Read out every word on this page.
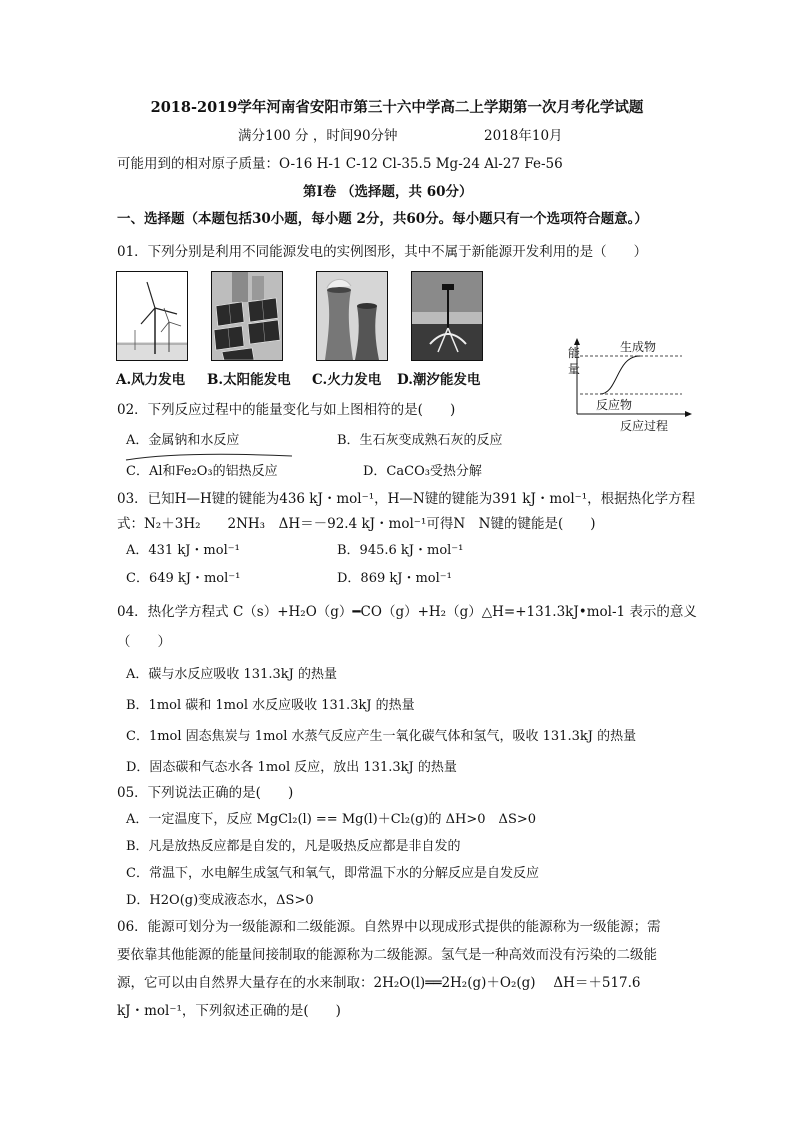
2018-2019学年河南省安阳市第三十六中学高二上学期第一次月考化学试题
满分100 分 ，时间90分钟	2018年10月
可能用到的相对原子质量：O-16 H-1 C-12 Cl-35.5 Mg-24 Al-27 Fe-56
第Ⅰ卷 （选择题，共 60分）
一、选择题（本题包括30小题，每小题 2分，共60分。每小题只有一个选项符合题意。）
01．下列分别是利用不同能源发电的实例图形，其中不属于新能源开发利用的是（　　）
A.风力发电 B.太阳能发电 C.火力发电 D.潮汐能发电
能
量
生成物
反应物
反应过程
02．下列反应过程中的能量变化与如上图相符的是(　　)
A．金属钠和水反应	B．生石灰变成熟石灰的反应
C．Al和Fe₂O₃的铝热反应	D．CaCO₃受热分解
03．已知H—H键的键能为436 kJ・mol⁻¹，H—N键的键能为391 kJ・mol⁻¹，根据热化学方程
式：N₂＋3H₂　　2NH₃　ΔH＝－92.4 kJ・mol⁻¹可得N　N键的键能是(　　)
A．431 kJ・mol⁻¹	B．945.6 kJ・mol⁻¹
C．649 kJ・mol⁻¹	D．869 kJ・mol⁻¹
04．热化学方程式 C（s）+H₂O（g）━CO（g）+H₂（g）△H=+131.3kJ•mol-1 表示的意义
（　　）
A．碳与水反应吸收 131.3kJ 的热量
B．1mol 碳和 1mol 水反应吸收 131.3kJ 的热量
C．1mol 固态焦炭与 1mol 水蒸气反应产生一氧化碳气体和氢气，吸收 131.3kJ 的热量
D．固态碳和气态水各 1mol 反应，放出 131.3kJ 的热量
05．下列说法正确的是(　　)
A．一定温度下，反应 MgCl₂(l) == Mg(l)＋Cl₂(g)的 ΔH>0　ΔS>0
B．凡是放热反应都是自发的，凡是吸热反应都是非自发的
C．常温下，水电解生成氢气和氧气，即常温下水的分解反应是自发反应
D．H2O(g)变成液态水，ΔS>0
06．能源可划分为一级能源和二级能源。自然界中以现成形式提供的能源称为一级能源；需
要依靠其他能源的能量间接制取的能源称为二级能源。氢气是一种高效而没有污染的二级能
源，它可以由自然界大量存在的水来制取：2H₂O(l)══2H₂(g)＋O₂(g)　 ΔH＝＋517.6
kJ・mol⁻¹，下列叙述正确的是(　　)
